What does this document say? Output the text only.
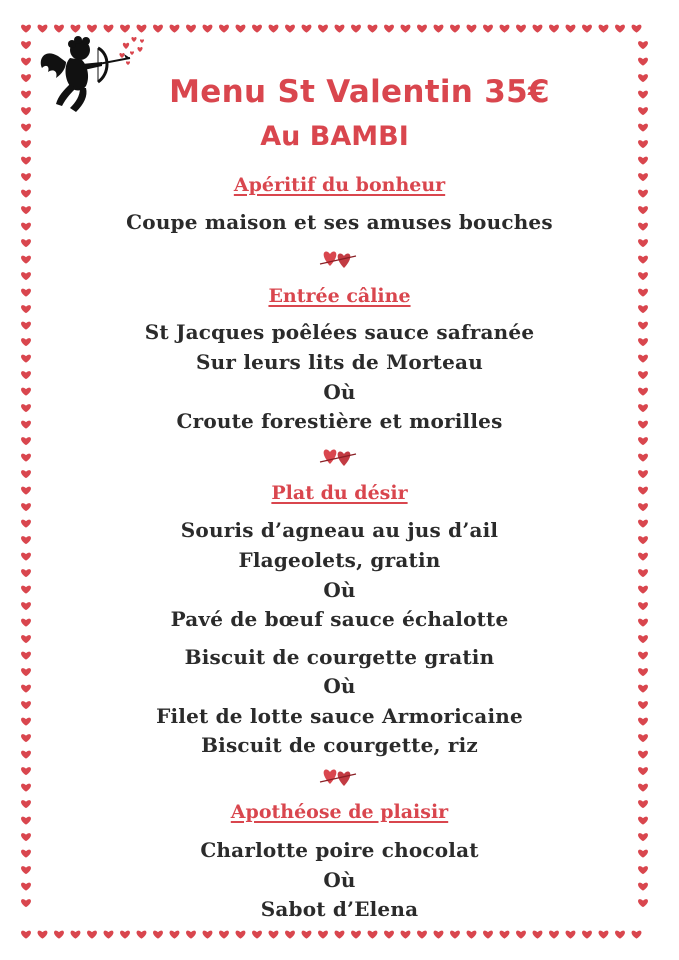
Menu St Valentin 35€
Au BAMBI
Apéritif du bonheur
Coupe maison et ses amuses bouches
Entrée câline
St Jacques poêlées sauce safranée
Sur leurs lits de Morteau
Où
Croute forestière et morilles
Plat du désir
Souris d’agneau au jus d’ail
Flageolets, gratin
Où
Pavé de bœuf sauce échalotte
Biscuit de courgette gratin
Où
Filet de lotte sauce Armoricaine
Biscuit de courgette, riz
Apothéose de plaisir
Charlotte poire chocolat
Où
Sabot d’Elena
